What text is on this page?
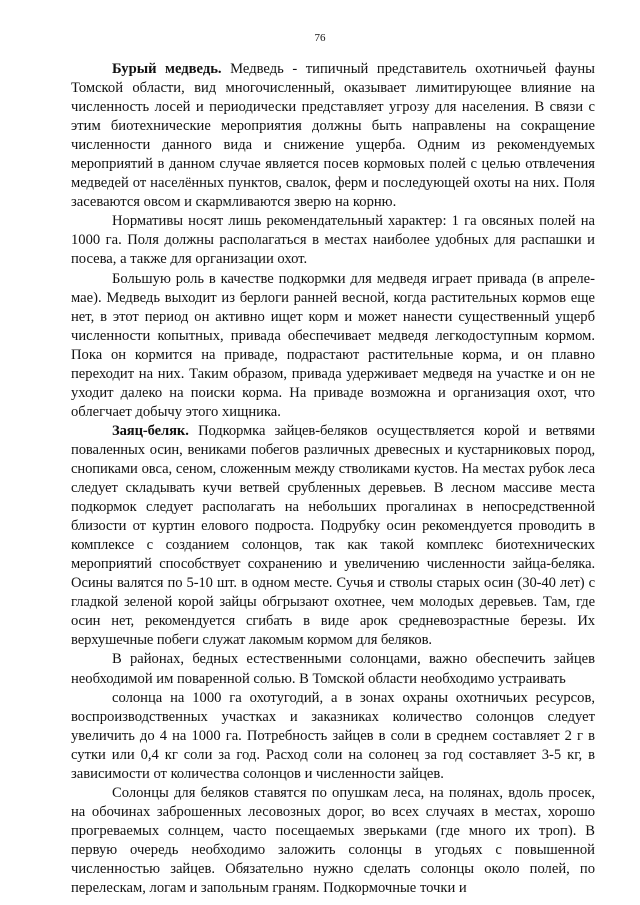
76

Бурый медведь. Медведь - типичный представитель охотничьей фауны Томской области, вид многочисленный, оказывает лимитирующее влияние на численность лосей и периодически представляет угрозу для населения. В связи с этим биотехнические мероприятия должны быть направлены на сокращение численности данного вида и снижение ущерба. Одним из рекомендуемых мероприятий в данном случае является посев кормовых полей с целью отвлечения медведей от населённых пунктов, свалок, ферм и последующей охоты на них. Поля засеваются овсом и скармливаются зверю на корню.

Нормативы носят лишь рекомендательный характер: 1 га овсяных полей на 1000 га. Поля должны располагаться в местах наиболее удобных для распашки и посева, а также для организации охот.

Большую роль в качестве подкормки для медведя играет привада (в апреле-мае). Медведь выходит из берлоги ранней весной, когда растительных кормов еще нет, в этот период он активно ищет корм и может нанести существенный ущерб численности копытных, привада обеспечивает медведя легкодоступным кормом. Пока он кормится на приваде, подрастают растительные корма, и он плавно переходит на них. Таким образом, привада удерживает медведя на участке и он не уходит далеко на поиски корма. На приваде возможна и организация охот, что облегчает добычу этого хищника.

Заяц-беляк. Подкормка зайцев-беляков осуществляется корой и ветвями поваленных осин, вениками побегов различных древесных и кустарниковых пород, снопиками овса, сеном, сложенным между стволиками кустов. На местах рубок леса следует складывать кучи ветвей срубленных деревьев. В лесном массиве места подкормок следует располагать на небольших прогалинах в непосредственной близости от куртин елового подроста. Подрубку осин рекомендуется проводить в комплексе с созданием солонцов, так как такой комплекс биотехнических мероприятий способствует сохранению и увеличению численности зайца-беляка. Осины валятся по 5-10 шт. в одном месте. Сучья и стволы старых осин (30-40 лет) с гладкой зеленой корой зайцы обгрызают охотнее, чем молодых деревьев. Там, где осин нет, рекомендуется сгибать в виде арок средневозрастные березы. Их верхушечные побеги служат лакомым кормом для беляков.

В районах, бедных естественными солонцами, важно обеспечить зайцев необходимой им поваренной солью. В Томской области необходимо устраивать

солонца на 1000 га охотугодий, а в зонах охраны охотничьих ресурсов, воспроизводственных участках и заказниках количество солонцов следует увеличить до 4 на 1000 га. Потребность зайцев в соли в среднем составляет 2 г в сутки или 0,4 кг соли за год. Расход соли на солонец за год составляет 3-5 кг, в зависимости от количества солонцов и численности зайцев.

Солонцы для беляков ставятся по опушкам леса, на полянах, вдоль просек, на обочинах заброшенных лесовозных дорог, во всех случаях в местах, хорошо прогреваемых солнцем, часто посещаемых зверьками (где много их троп). В первую очередь необходимо заложить солонцы в угодьях с повышенной численностью зайцев. Обязательно нужно сделать солонцы около полей, по перелескам, логам и запольным граням. Подкормочные точки и
